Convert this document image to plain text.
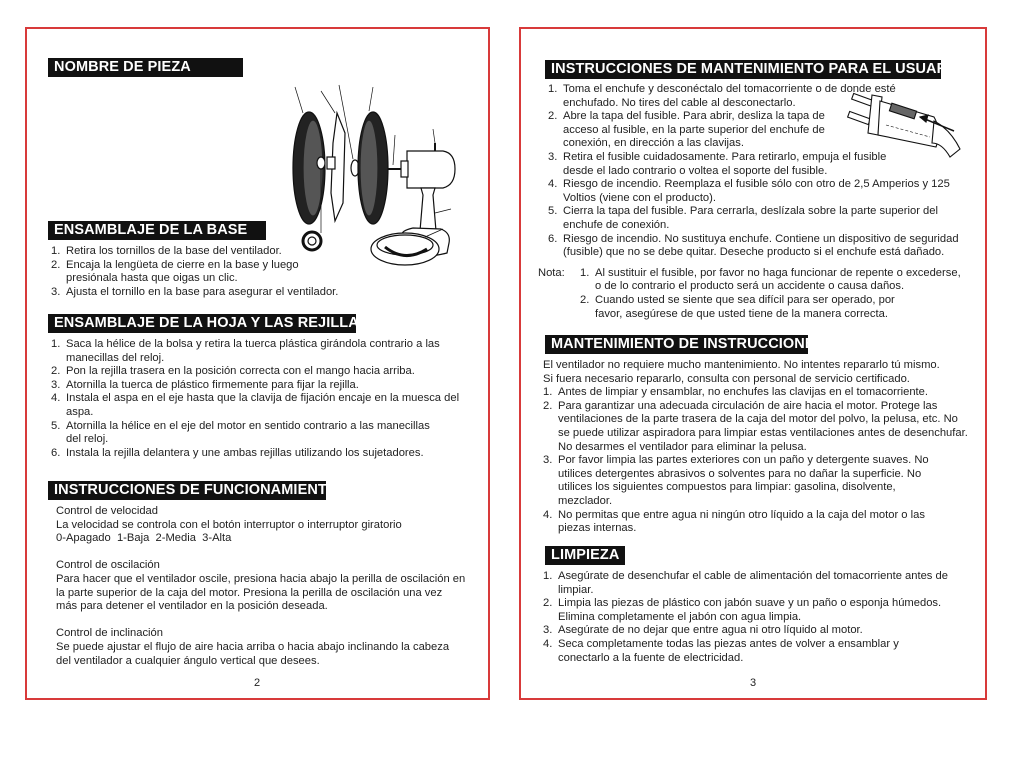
NOMBRE DE PIEZA
ENSAMBLAJE DE LA BASE
1. Retira los tornillos de la base del ventilador.
2. Encaja la lengüeta de cierre en la base y luego presiónala hasta que oigas un clic.
3. Ajusta el tornillo en la base para asegurar el ventilador.
ENSAMBLAJE DE LA HOJA Y LAS REJILLAS
1. Saca la hélice de la bolsa y retira la tuerca plástica girándola contrario a las manecillas del reloj.
2. Pon la rejilla trasera en la posición correcta con el mango hacia arriba.
3. Atornilla la tuerca de plástico firmemente para fijar la rejilla.
4. Instala el aspa en el eje hasta que la clavija de fijación encaje en la muesca del aspa.
5. Atornilla la hélice en el eje del motor en sentido contrario a las manecillas del reloj.
6. Instala la rejilla delantera y une ambas rejillas utilizando los sujetadores.
INSTRUCCIONES DE FUNCIONAMIENTO
Control de velocidad
La velocidad se controla con el botón interruptor o interruptor giratorio
0-Apagado  1-Baja  2-Media  3-Alta
Control de oscilación
Para hacer que el ventilador oscile, presiona hacia abajo la perilla de oscilación en la parte superior de la caja del motor. Presiona la perilla de oscilación una vez más para detener el ventilador en la posición deseada.
Control de inclinación
Se puede ajustar el flujo de aire hacia arriba o hacia abajo inclinando la cabeza del ventilador a cualquier ángulo vertical que desees.
2
INSTRUCCIONES DE MANTENIMIENTO PARA EL USUARIO
1. Toma el enchufe y desconéctalo del tomacorriente o de donde esté enchufado. No tires del cable al desconectarlo.
2. Abre la tapa del fusible. Para abrir, desliza la tapa de acceso al fusible, en la parte superior del enchufe de conexión, en dirección a las clavijas.
3. Retira el fusible cuidadosamente. Para retirarlo, empuja el fusible desde el lado contrario o voltea el soporte del fusible.
4. Riesgo de incendio. Reemplaza el fusible sólo con otro de 2,5 Amperios y 125 Voltios (viene con el producto).
5. Cierra la tapa del fusible. Para cerrarla, deslízala sobre la parte superior del enchufe de conexión.
6. Riesgo de incendio. No sustituya enchufe. Contiene un dispositivo de seguridad (fusible) que no se debe quitar. Deseche producto si el enchufe está dañado.
Nota: 1. Al sustituir el fusible, por favor no haga funcionar de repente o excederse, o de lo contrario el producto será un accidente o causa daños.
2. Cuando usted se siente que sea difícil para ser operado, por favor, asegúrese de que usted tiene de la manera correcta.
MANTENIMIENTO DE INSTRUCCIONES
El ventilador no requiere mucho mantenimiento. No intentes repararlo tú mismo.
Si fuera necesario repararlo, consulta con personal de servicio certificado.
1. Antes de limpiar y ensamblar, no enchufes las clavijas en el tomacorriente.
2. Para garantizar una adecuada circulación de aire hacia el motor. Protege las ventilaciones de la parte trasera de la caja del motor del polvo, la pelusa, etc. No se puede utilizar aspiradora para limpiar estas ventilaciones antes de desenchufar. No desarmes el ventilador para eliminar la pelusa.
3. Por favor limpia las partes exteriores con un paño y detergente suaves. No utilices detergentes abrasivos o solventes para no dañar la superficie. No utilices los siguientes compuestos para limpiar: gasolina, disolvente, mezclador.
4. No permitas que entre agua ni ningún otro líquido a la caja del motor o las piezas internas.
LIMPIEZA
1. Asegúrate de desenchufar el cable de alimentación del tomacorriente antes de limpiar.
2. Limpia las piezas de plástico con jabón suave y un paño o esponja húmedos. Elimina completamente el jabón con agua limpia.
3. Asegúrate de no dejar que entre agua ni otro líquido al motor.
4. Seca completamente todas las piezas antes de volver a ensamblar y conectarlo a la fuente de electricidad.
3
